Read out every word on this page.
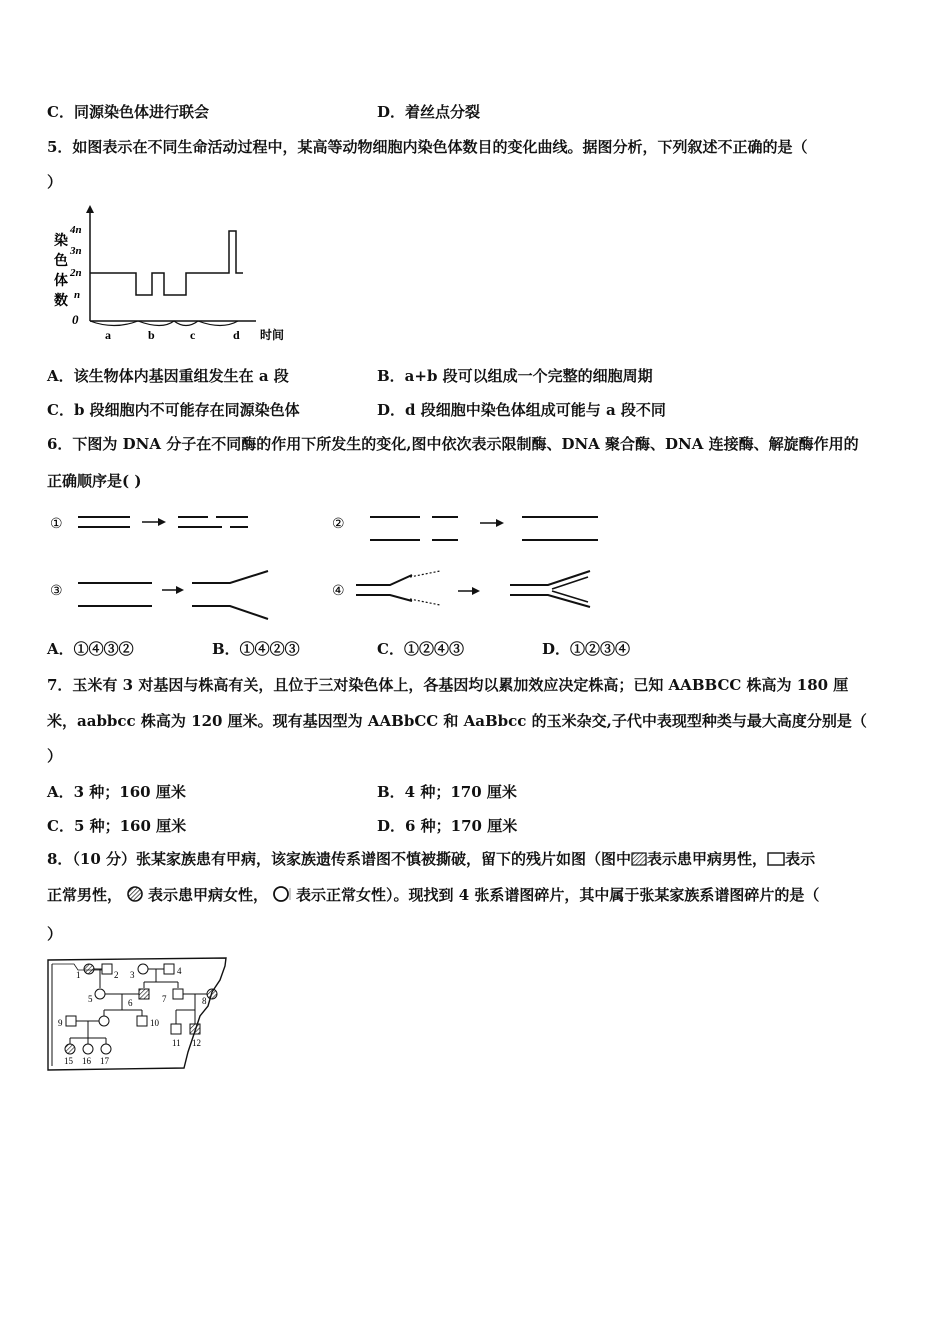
C．同源染色体进行联会	D．着丝点分裂
5．如图表示在不同生命活动过程中，某高等动物细胞内染色体数目的变化曲线。据图分析，下列叙述不正确的是（
）
染
色
体
数
4n
3n
2n
n
0
a	b	c	d 时间
A．该生物体内基因重组发生在 a 段	B．a+b 段可以组成一个完整的细胞周期
C．b 段细胞内不可能存在同源染色体	D．d 段细胞中染色体组成可能与 a 段不同
6．下图为 DNA 分子在不同酶的作用下所发生的变化,图中依次表示限制酶、DNA 聚合酶、DNA 连接酶、解旋酶作用的
正确顺序是( )
①	②
③	④
A．①④③②	B．①④②③	C．①②④③	D．①②③④
7．玉米有 3 对基因与株高有关，且位于三对染色体上，各基因均以累加效应决定株高；已知 AABBCC 株高为 180 厘
米，aabbcc 株高为 120 厘米。现有基因型为 AABbCC 和 AaBbcc 的玉米杂交,子代中表现型种类与最大高度分别是（
）
A．3 种；160 厘米	B．4 种；170 厘米
C．5 种；160 厘米	D．6 种；170 厘米
8．（10 分）张某家族患有甲病，该家族遗传系谱图不慎被撕破，留下的残片如图（图中 表示患甲病男性， 表示
正常男性， 表示患甲病女性， 表示正常女性）。现找到 4 张系谱图碎片，其中属于张某家族系谱图碎片的是（
）
1	2 3	4
5	6	7	8
9	10
11 12
15 16 17
